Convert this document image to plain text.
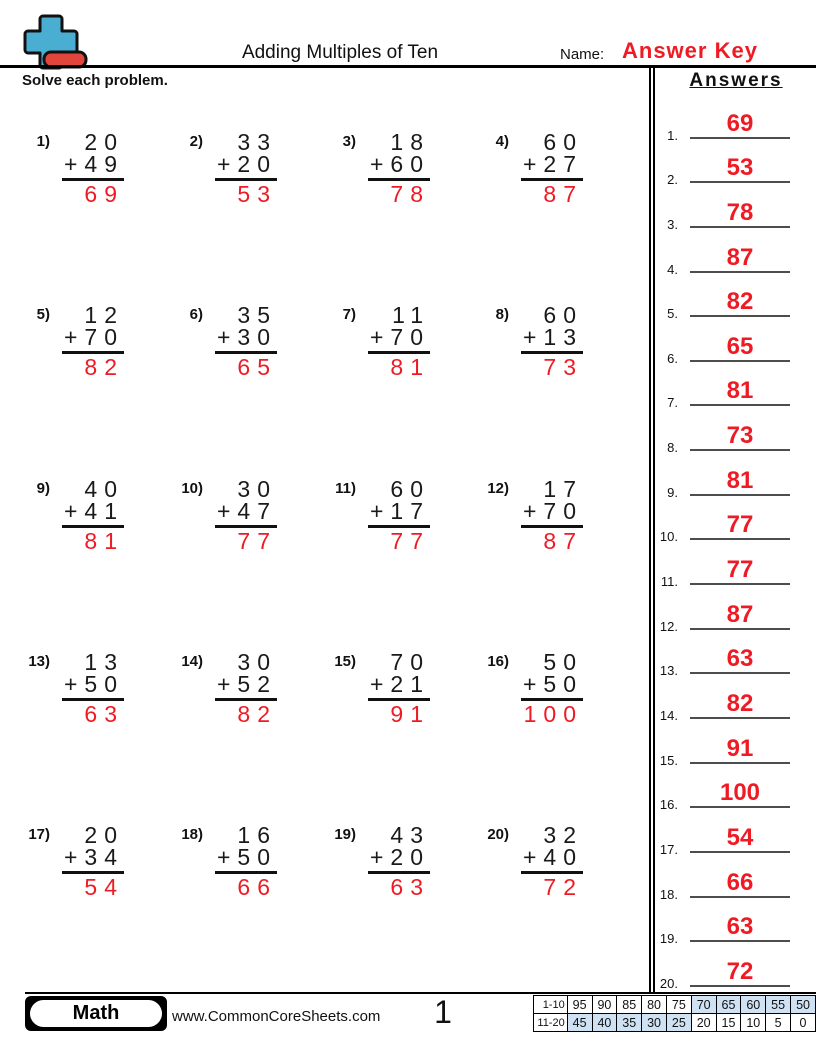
Adding Multiples of Ten	Name: Answer Key
Solve each problem.
1)	20
+49
69
2)	33
+20
53
3)	18
+60
78
4)	60
+27
87
5)	12
+70
82
6)	35
+30
65
7)	11
+70
81
8)	60
+13
73
9)	40
+41
81
10)	30
+47
77
11)	60
+17
77
12)	17
+70
87
13)	13
+50
63
14)	30
+52
82
15)	70
+21
91
16)	50
+50
100
17)	20
+34
54
18)	16
+50
66
19)	43
+20
63
20)	32
+40
72
Answers
1.	69
2.	53
3.	78
4.	87
5.	82
6.	65
7.	81
8.	73
9.	81
10.	77
11.	77
12.	87
13.	63
14.	82
15.	91
16.	100
17.	54
18.	66
19.	63
20.	72
Math	www.CommonCoreSheets.com	1	1-10	95	90	85	80	75	70	65	60	55	50
11-20	45	40	35	30	25	20	15	10	5	0
